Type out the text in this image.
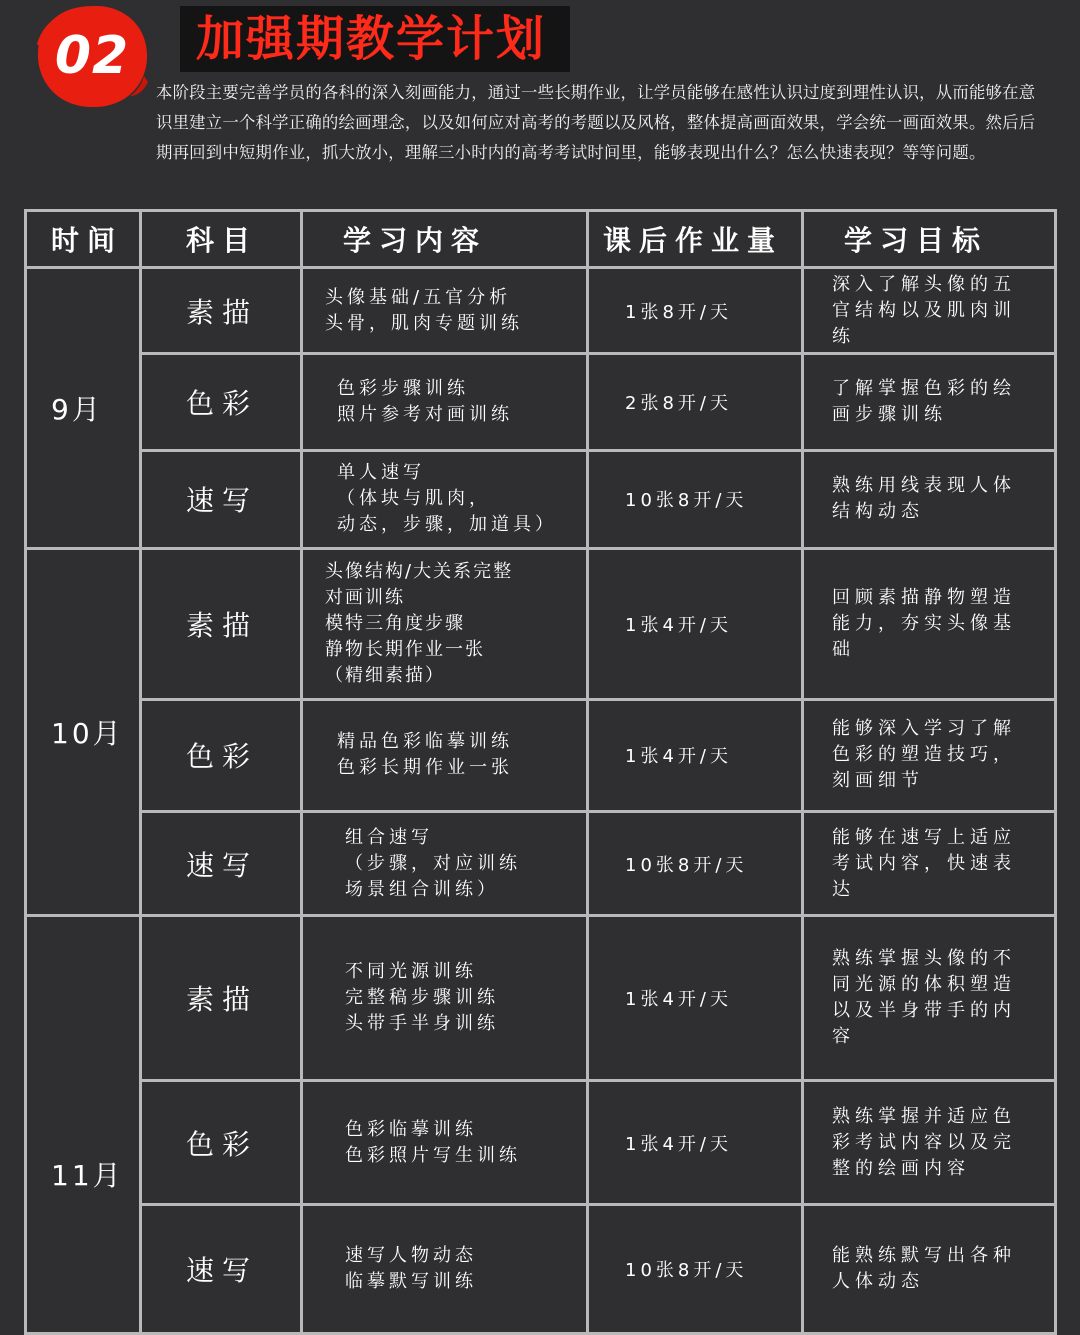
02	加强期教学计划
本阶段主要完善学员的各科的深入刻画能力，通过一些长期作业，让学员能够在感性认识过度到理性认识，从而能够在意识里建立一个科学正确的绘画理念，以及如何应对高考的考题以及风格，整体提高画面效果，学会统一画面效果。然后后期再回到中短期作业，抓大放小，理解三小时内的高考考试时间里，能够表现出什么？怎么快速表现？等等问题。
时间	科目	学习内容	课后作业量	学习目标
9月	素描	头像基础/五官分析
头骨，肌肉专题训练	1张8开/天	深入了解头像的五
官结构以及肌肉训
练

	色彩	色彩步骤训练
照片参考对画训练	2张8开/天	了解掌握色彩的绘
画步骤训练

	速写	单人速写
（体块与肌肉，
动态，步骤，加道具）	10张8开/天	熟练用线表现人体
结构动态

10月	素描	头像结构/大关系完整
对画训练
模特三角度步骤
静物长期作业一张
（精细素描）	1张4开/天	回顾素描静物塑造
能力，夯实头像基
础

	色彩	精品色彩临摹训练
色彩长期作业一张	1张4开/天	能够深入学习了解
色彩的塑造技巧，
刻画细节

	速写	组合速写
（步骤，对应训练
场景组合训练）	10张8开/天	能够在速写上适应
考试内容，快速表
达

11月	素描	不同光源训练
完整稿步骤训练
头带手半身训练	1张4开/天	熟练掌握头像的不
同光源的体积塑造
以及半身带手的内
容

	色彩	色彩临摹训练
色彩照片写生训练	1张4开/天	熟练掌握并适应色
彩考试内容以及完
整的绘画内容

	速写	速写人物动态
临摹默写训练	10张8开/天	能熟练默写出各种
人体动态
